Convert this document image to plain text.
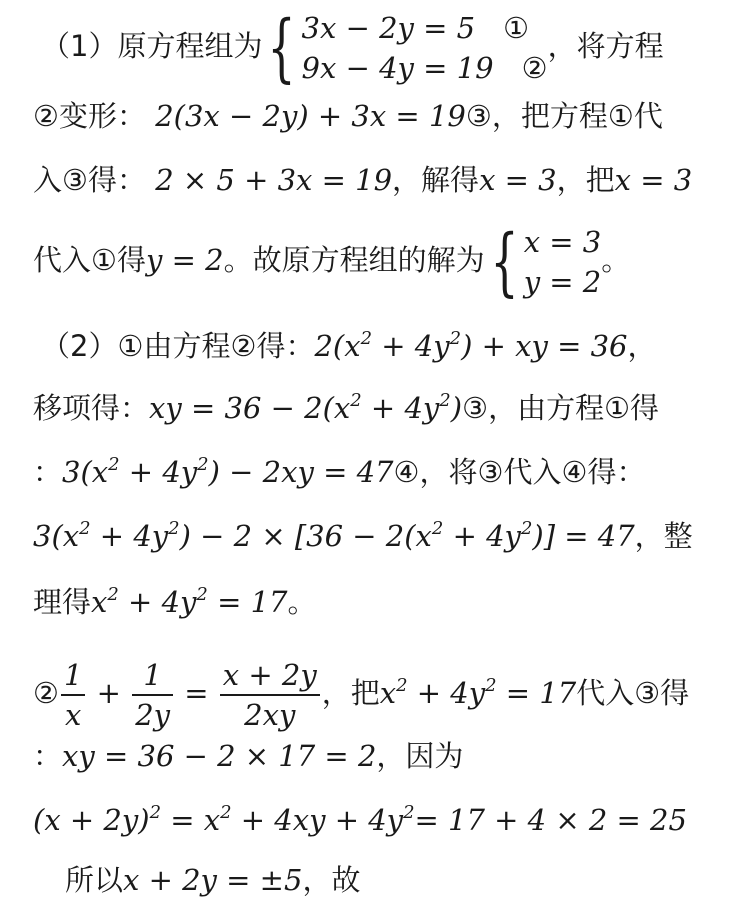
（1）原方程组为 { 3x − 2y = 5 ①
9x − 4y = 19 ②
，将方程
②变形： 2(3x − 2y) + 3x = 19③，把方程①代
入③得： 2 × 5 + 3x = 19，解得x = 3，把x = 3
代入①得y = 2。故原方程组的解为 { x = 3
y = 2
。
（2）①由方程②得：$2(x^2 + 4y^2)$ + xy = 36，
移项得：xy = $36 - 2(x^2$ + $4y^2)③$，由方程①得
：$3(x^2 + 4y^2) - 2xy$ = 47④，将③代入④得：
$3(x^2 + 4y^2) - 2 \times [36 - 2(x^2 + 4y^2)] = 47$，整
理得$x^2 + 4y^2 = 17$。
② $\frac{1}{x} + \frac{1}{2y} = \frac{x + 2y}{2xy}$ ，把$x^2 + 4y^2 = 17$代入③得
：xy = 36 − 2 × 17 = 2，因为
$(x + 2y)^2 = x^2 + 4xy + 4y^2= 17 + 4 \times 2 = 25$
所以x + 2y = ±5，故
